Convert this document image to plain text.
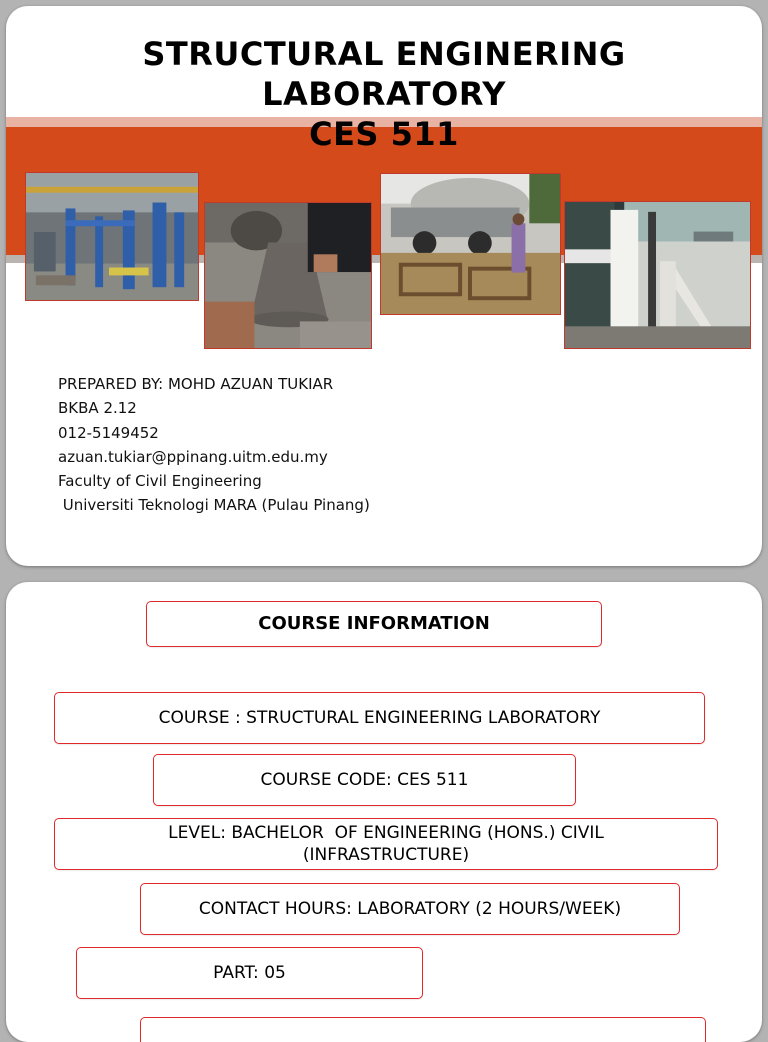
STRUCTURAL ENGINERING
LABORATORY
CES 511
PREPARED BY: MOHD AZUAN TUKIAR
BKBA 2.12
012-5149452
azuan.tukiar@ppinang.uitm.edu.my
Faculty of Civil Engineering
Universiti Teknologi MARA (Pulau Pinang)
COURSE INFORMATION
COURSE : STRUCTURAL ENGINEERING LABORATORY
COURSE CODE: CES 511
LEVEL: BACHELOR  OF ENGINEERING (HONS.) CIVIL
(INFRASTRUCTURE)
CONTACT HOURS: LABORATORY (2 HOURS/WEEK)
PART: 05
